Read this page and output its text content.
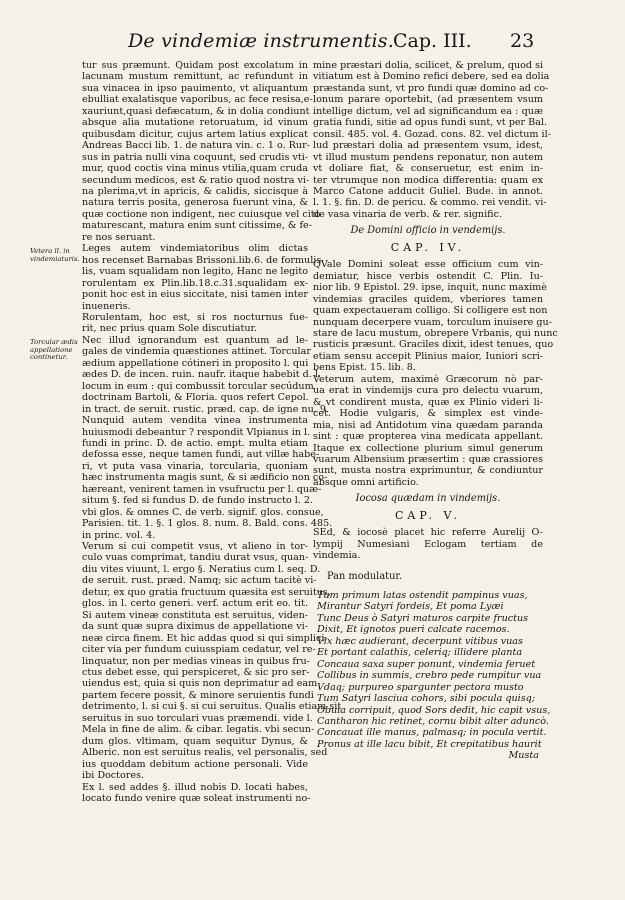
De vindemiæ instrumentis. Cap. III. 23
Vetera ll. in vindemiaturis.
Torcular ædis appellatione continetur.
tur sus præmunt. Quidam post excolatum in
lacunam mustum remittunt, ac refundunt in
sua vinacea in ipso pauimento, vt aliquantum
ebulliat exalatisque vaporibus, ac fece resisa,e-
xauriunt,quasi defæcatum, & in dolia condiunt
absque alia mutatione retoruatum, id vinum
quibusdam dicitur, cujus artem latius explicat
Andreas Bacci lib. 1. de natura vin. c. 1 o. Rur-
sus in patria nulli vina coquunt, sed crudis vti-
mur, quod coctis vina minus vtilia,quam cruda
secundum medicos, est & ratio quod nostra vi-
na plerima,vt in apricis, & calidis, siccisque à
natura terris posita, generosa fuerunt vina, &
quæ coctione non indigent, nec cuiusque vel cito
maturescant, matura enim sunt citissime, & fe-
re nos seruant.
Leges autem vindemiatoribus olim dictas
hos recenset Barnabas Brissoni.lib.6. de formulis
lis, vuam squalidam non legito, Hanc ne legito
rorulentam ex Plin.lib.18.c.31.squalidam ex-
ponit hoc est in eius siccitate, nisi tamen inter
inueneris.
Rorulentam, hoc est, si ros nocturnus fue-
rit, nec prius quam Sole discutiatur.
Nec illud ignorandum est quantum ad le-
gales de vindemia quæstiones attinet. Torcular
ædium appellatione cótineri in proposito l. qui
ædes D. de incen. ruin. naufr. itaque habebit d. l.
locum in eum : qui combussit torcular secúdum
doctrinam Bartoli, & Floria. quos refert Cepol.
in tract. de seruit. rustic. præd. cap. de igne nu. 9.
Nunquid autem vendita vinea instrumenta
huiusmodi debeantur ? respondit Vlpianus in l.
fundi in princ. D. de actio. empt. multa etiam
defossa esse, neque tamen fundi, aut villæ habe-
ri, vt puta vasa vinaria, torcularia, quoniam
hæc instrumenta magis sunt, & si ædificio non co-
hæreant, venirent tamen in vsufructu per l. quæ-
situm §. fed si fundus D. de fundo instructo l. 2.
vbi glos. & omnes C. de verb. signif. glos. consue,
Parisien. tit. 1. §. 1 glos. 8. num. 8. Bald. cons. 485.
in princ. vol. 4.
Verum si cui competit vsus, vt alieno in tor-
culo vuas comprimat, tandiu durat vsus, quan-
diu vites viuunt, l. ergo §. Neratius cum l. seq. D.
de seruit. rust. præd. Namq; sic actum tacitè vi-
detur, ex quo gratia fructuum quæsita est seruitus,
glos. in l. certo generi. verf. actum erit eo. tit.
Si autem vineæ constituta est seruitus, viden-
da sunt quæ supra diximus de appellatione vi-
neæ circa finem. Et hic addas quod si qui simplici-
citer via per fundum cuiusspiam cedatur, vel re-
linquatur, non per medias vineas in quibus fru-
ctus debet esse, qui perspiceret, & sic pro ser-
uiendus est, quia si quis non deprimatur ad eam
partem fecere possit, & minore seruientis fundi
detrimento, l. si cui §. si cui seruitus. Qualis etiam sit
seruitus in suo torculari vuas præmendi. vide l.
Mela in fine de alim. & cibar. legatis. vbi secun-
dum glos. vltimam, quam sequitur Dynus, &
Alberic. non est seruitus realis, vel personalis, sed
ius quoddam debitum actione personali. Vide
ibi Doctores.
Ex l. sed addes §. illud nobis D. locati habes,
locato fundo venire quæ soleat instrumenti no-
mine præstari dolia, scilicet, & prelum, quod si
vitiatum est à Domino refici debere, sed ea dolia
præstanda sunt, vt pro fundi quæ domino ad co-
lonum parare oportebit, (ad præsentem vsum
intellige dictum, vel ad significandum ea : quæ
gratia fundi, sitie ad opus fundi sunt, vt per Bal.
consil. 485. vol. 4. Gozad. cons. 82. vel dictum il-
lud præstari dolia ad præsentem vsum, idest,
vt illud mustum pendens reponatur, non autem
vt doliare fiat, & conseruetur, est enim in-
ter vtrumque non modica differentia: quam ex
Marco Catone adducit Guliel. Bude. in annot.
l. 1. §. fin. D. de pericu. & commo. rei vendit. vi-
de vasa vinaria de verb. & rer. signific.
De Domini officio in vendemijs.
CAP. IV.
QVale Domini soleat esse officium cum vin-
demiatur, hisce verbis ostendit C. Plin. Iu-
nior lib. 9 Epistol. 29. ipse, inquit, nunc maximè
vindemias graciles quidem, vberiores tamen
quam expectaueram colligo. Si colligere est non
nunquam decerpere vuam, torculum inuisere gu-
stare de lacu mustum, obrepere Vrbanis, qui nunc
rusticis præsunt. Graciles dixit, idest tenues, quo
etiam sensu accepit Plinius maior, Iuniori scri-
bens Epist. 15. lib. 8.
Veterum autem, maximè Græcorum nò par-
ua erat in vindemijs cura pro delectu vuarum,
& vt condirent musta, quæ ex Plinio videri li-
cet. Hodie vulgaris, & simplex est vinde-
mia, nisi ad Antidotum vina quædam paranda
sint : quæ propterea vina medicata appellant.
Itaque ex collectione plurium simul generum
vuarum Albensium præsertim : quæ crassiores
sunt, musta nostra exprimuntur, & condiuntur
absque omni artificio.
Iocosa quædam in vindemijs.
CAP. V.
SEd, & iocosè placet hic referre Aurelij O-
lympij Numesiani Eclogam tertiam de
vindemia.
Pan modulatur.
Tum primum latas ostendit pampinus vuas,
Mirantur Satyri fordeis, Et poma Lyæi
Tunc Deus ò Satyri maturos carpite fructus
Dixit, Et ignotos pueri calcate racemos.
Vix hæc audierant, decerpunt vitibus vuas
Et portant calathis, celeriq; illidere planta
Concaua saxa super ponunt, vindemia feruet
Collibus in summis, crebro pede rumpitur vua
Vdaq; purpureo spargunter pectora musto
Tum Satyri lasciua cohors, sibi pocula quisq;
Obuia corripuit, quod Sors dedit, hic capit vsus,
Cantharon hic retinet, cornu bibit alter aduncò.
Concauat ille manus, palmasq; in pocula vertit.
Pronus at ille lacu bibit, Et crepitatibus haurit
Musta
